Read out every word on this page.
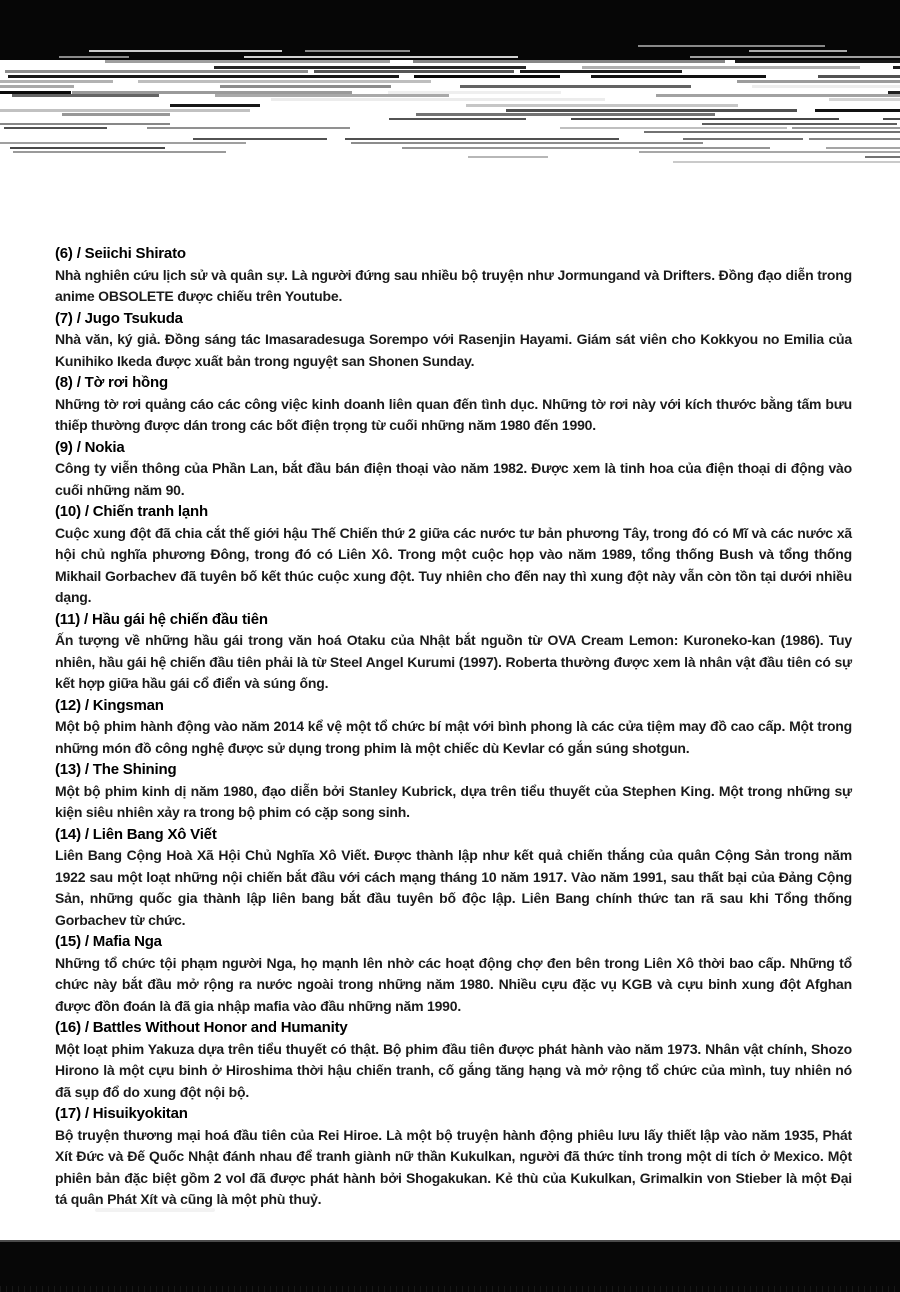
(6) / Seiichi Shirato

Nhà nghiên cứu lịch sử và quân sự. Là người đứng sau nhiều bộ truyện như Jormungand và Drifters. Đồng đạo diễn trong anime OBSOLETE được chiếu trên Youtube.

(7) / Jugo Tsukuda

Nhà văn, ký giả. Đồng sáng tác Imasaradesuga Sorempo với Rasenjin Hayami. Giám sát viên cho Kokkyou no Emilia của Kunihiko Ikeda được xuất bản trong nguyệt san Shonen Sunday.

(8) / Tờ rơi hồng

Những tờ rơi quảng cáo các công việc kinh doanh liên quan đến tình dục. Những tờ rơi này với kích thước bằng tấm bưu thiếp thường được dán trong các bốt điện trọng từ cuối những năm 1980 đến 1990.

(9) / Nokia

Công ty viễn thông của Phần Lan, bắt đầu bán điện thoại vào năm 1982. Được xem là tinh hoa của điện thoại di động vào cuối những năm 90.

(10) / Chiến tranh lạnh

Cuộc xung đột đã chia cắt thế giới hậu Thế Chiến thứ 2 giữa các nước tư bản phương Tây, trong đó có Mĩ và các nước xã hội chủ nghĩa phương Đông, trong đó có Liên Xô. Trong một cuộc họp vào năm 1989, tổng thống Bush và tổng thống Mikhail Gorbachev đã tuyên bố kết thúc cuộc xung đột. Tuy nhiên cho đến nay thì xung đột này vẫn còn tồn tại dưới nhiều dạng.

(11) / Hầu gái hệ chiến đầu tiên

Ấn tượng về những hầu gái trong văn hoá Otaku của Nhật bắt nguồn từ OVA Cream Lemon: Kuroneko-kan (1986). Tuy nhiên, hầu gái hệ chiến đầu tiên phải là từ Steel Angel Kurumi (1997). Roberta thường được xem là nhân vật đầu tiên có sự kết hợp giữa hầu gái cổ điển và súng ống.

(12) / Kingsman

Một bộ phim hành động vào năm 2014 kể vệ một tổ chức bí mật với bình phong là các cửa tiệm may đồ cao cấp. Một trong những món đồ công nghệ được sử dụng trong phim là một chiếc dù Kevlar có gắn súng shotgun.

(13) / The Shining

Một bộ phim kinh dị năm 1980, đạo diễn bởi Stanley Kubrick, dựa trên tiểu thuyết của Stephen King. Một trong những sự kiện siêu nhiên xảy ra trong bộ phim có cặp song sinh.

(14) / Liên Bang Xô Viết

Liên Bang Cộng Hoà Xã Hội Chủ Nghĩa Xô Viết. Được thành lập như kết quả chiến thắng của quân Cộng Sản trong năm 1922 sau một loạt những nội chiến bắt đầu với cách mạng tháng 10 năm 1917. Vào năm 1991, sau thất bại của Đảng Cộng Sản, những quốc gia thành lập liên bang bắt đầu tuyên bố độc lập. Liên Bang chính thức tan rã sau khi Tổng thống Gorbachev từ chức.

(15) / Mafia Nga

Những tổ chức tội phạm người Nga, họ mạnh lên nhờ các hoạt động chợ đen bên trong Liên Xô thời bao cấp. Những tổ chức này bắt đầu mở rộng ra nước ngoài trong những năm 1980. Nhiều cựu đặc vụ KGB và cựu binh xung đột Afghan được đồn đoán là đã gia nhập mafia vào đầu những năm 1990.

(16) / Battles Without Honor and Humanity

Một loạt phim Yakuza dựa trên tiểu thuyết có thật. Bộ phim đầu tiên được phát hành vào năm 1973. Nhân vật chính, Shozo Hirono là một cựu binh ở Hiroshima thời hậu chiến tranh, cố gắng tăng hạng và mở rộng tổ chức của mình, tuy nhiên nó đã sụp đổ do xung đột nội bộ.

(17) / Hisuikyokitan

Bộ truyện thương mại hoá đầu tiên của Rei Hiroe. Là một bộ truyện hành động phiêu lưu lấy thiết lập vào năm 1935, Phát Xít Đức và Đế Quốc Nhật đánh nhau để tranh giành nữ thần Kukulkan, người đã thức tỉnh trong một di tích ở Mexico. Một phiên bản đặc biệt gồm 2 vol đã được phát hành bởi Shogakukan. Kẻ thù của Kukulkan, Grimalkin von Stieber là một Đại tá quân Phát Xít và cũng là một phù thuỷ.
